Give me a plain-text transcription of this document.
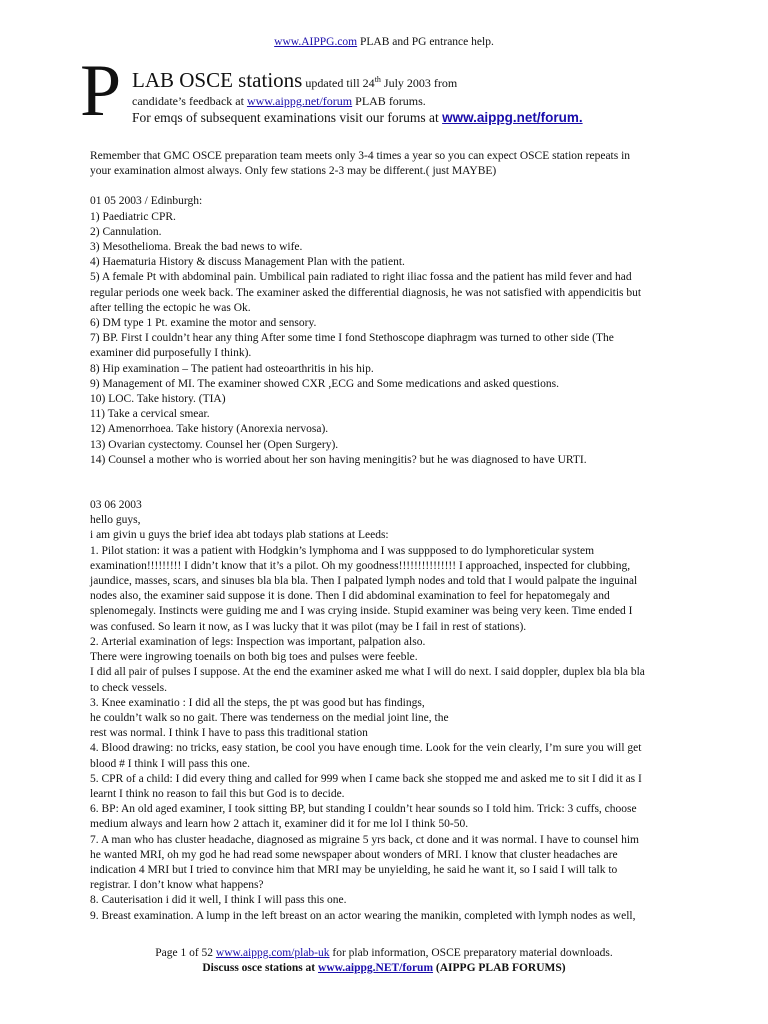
www.AIPPG.com PLAB and PG entrance help.
P LAB OSCE stations updated till 24th July 2003 from
candidate’s feedback at www.aippg.net/forum PLAB forums.
For emqs of subsequent examinations visit our forums at www.aippg.net/forum.

Remember that GMC OSCE preparation team meets only 3-4 times a year so you can expect OSCE station repeats in

your examination almost always. Only few stations 2-3 may be different.( just MAYBE)

01 05 2003 / Edinburgh:

1) Paediatric CPR.

2) Cannulation.

3) Mesothelioma. Break the bad news to wife.

4) Haematuria History & discuss Management Plan with the patient.

5) A female Pt with abdominal pain. Umbilical pain radiated to right iliac fossa and the patient has mild fever and had

regular periods one week back. The examiner asked the differential diagnosis, he was not satisfied with appendicitis but

after telling the ectopic he was Ok.

6) DM type 1 Pt. examine the motor and sensory.

7) BP. First I couldn’t hear any thing After some time I fond Stethoscope diaphragm was turned to other side (The

examiner did purposefully I think).

8) Hip examination – The patient had osteoarthritis in his hip.

9) Management of MI. The examiner showed CXR ,ECG and Some medications and asked questions.

10) LOC. Take history. (TIA)

11) Take a cervical smear.

12) Amenorrhoea. Take history (Anorexia nervosa).

13) Ovarian cystectomy. Counsel her (Open Surgery).

14) Counsel a mother who is worried about her son having meningitis? but he was diagnosed to have URTI.

03 06 2003

hello guys,

i am givin u guys the brief idea abt todays plab stations at Leeds:

1. Pilot station: it was a patient with Hodgkin’s lymphoma and I was suppposed to do lymphoreticular system

examination!!!!!!!!! I didn’t know that it’s a pilot. Oh my goodness!!!!!!!!!!!!!!! I approached, inspected for clubbing,

jaundice, masses, scars, and sinuses bla bla bla. Then I palpated lymph nodes and told that I would palpate the inguinal

nodes also, the examiner said suppose it is done. Then I did abdominal examination to feel for hepatomegaly and

splenomegaly. Instincts were guiding me and I was crying inside. Stupid examiner was being very keen. Time ended I

was confused. So learn it now, as I was lucky that it was pilot (may be I fail in rest of stations).

2. Arterial examination of legs: Inspection was important, palpation also.

There were ingrowing toenails on both big toes and pulses were feeble.

I did all pair of pulses I suppose. At the end the examiner asked me what I will do next. I said doppler, duplex bla bla bla

to check vessels.

3. Knee examinatio : I did all the steps, the pt was good but has findings,

he couldn’t walk so no gait. There was tenderness on the medial joint line, the

rest was normal. I think I have to pass this traditional station

4. Blood drawing: no tricks, easy station, be cool you have enough time. Look for the vein clearly, I’m sure you will get

blood # I think I will pass this one.

5. CPR of a child: I did every thing and called for 999 when I came back she stopped me and asked me to sit I did it as I

learnt I think no reason to fail this but God is to decide.

6. BP: An old aged examiner, I took sitting BP, but standing I couldn’t hear sounds so I told him. Trick: 3 cuffs, choose

medium always and learn how 2 attach it, examiner did it for me lol I think 50-50.

7. A man who has cluster headache, diagnosed as migraine 5 yrs back, ct done and it was normal. I have to counsel him

he wanted MRI, oh my god he had read some newspaper about wonders of MRI. I know that cluster headaches are

indication 4 MRI but I tried to convince him that MRI may be unyielding, he said he want it, so I said I will talk to

registrar. I don’t know what happens?

8. Cauterisation i did it well, I think I will pass this one.

9. Breast examination. A lump in the left breast on an actor wearing the manikin, completed with lymph nodes as well,

Page 1 of 52 www.aippg.com/plab-uk for plab information, OSCE preparatory material downloads.
Discuss osce stations at www.aippg.NET/forum (AIPPG PLAB FORUMS)
